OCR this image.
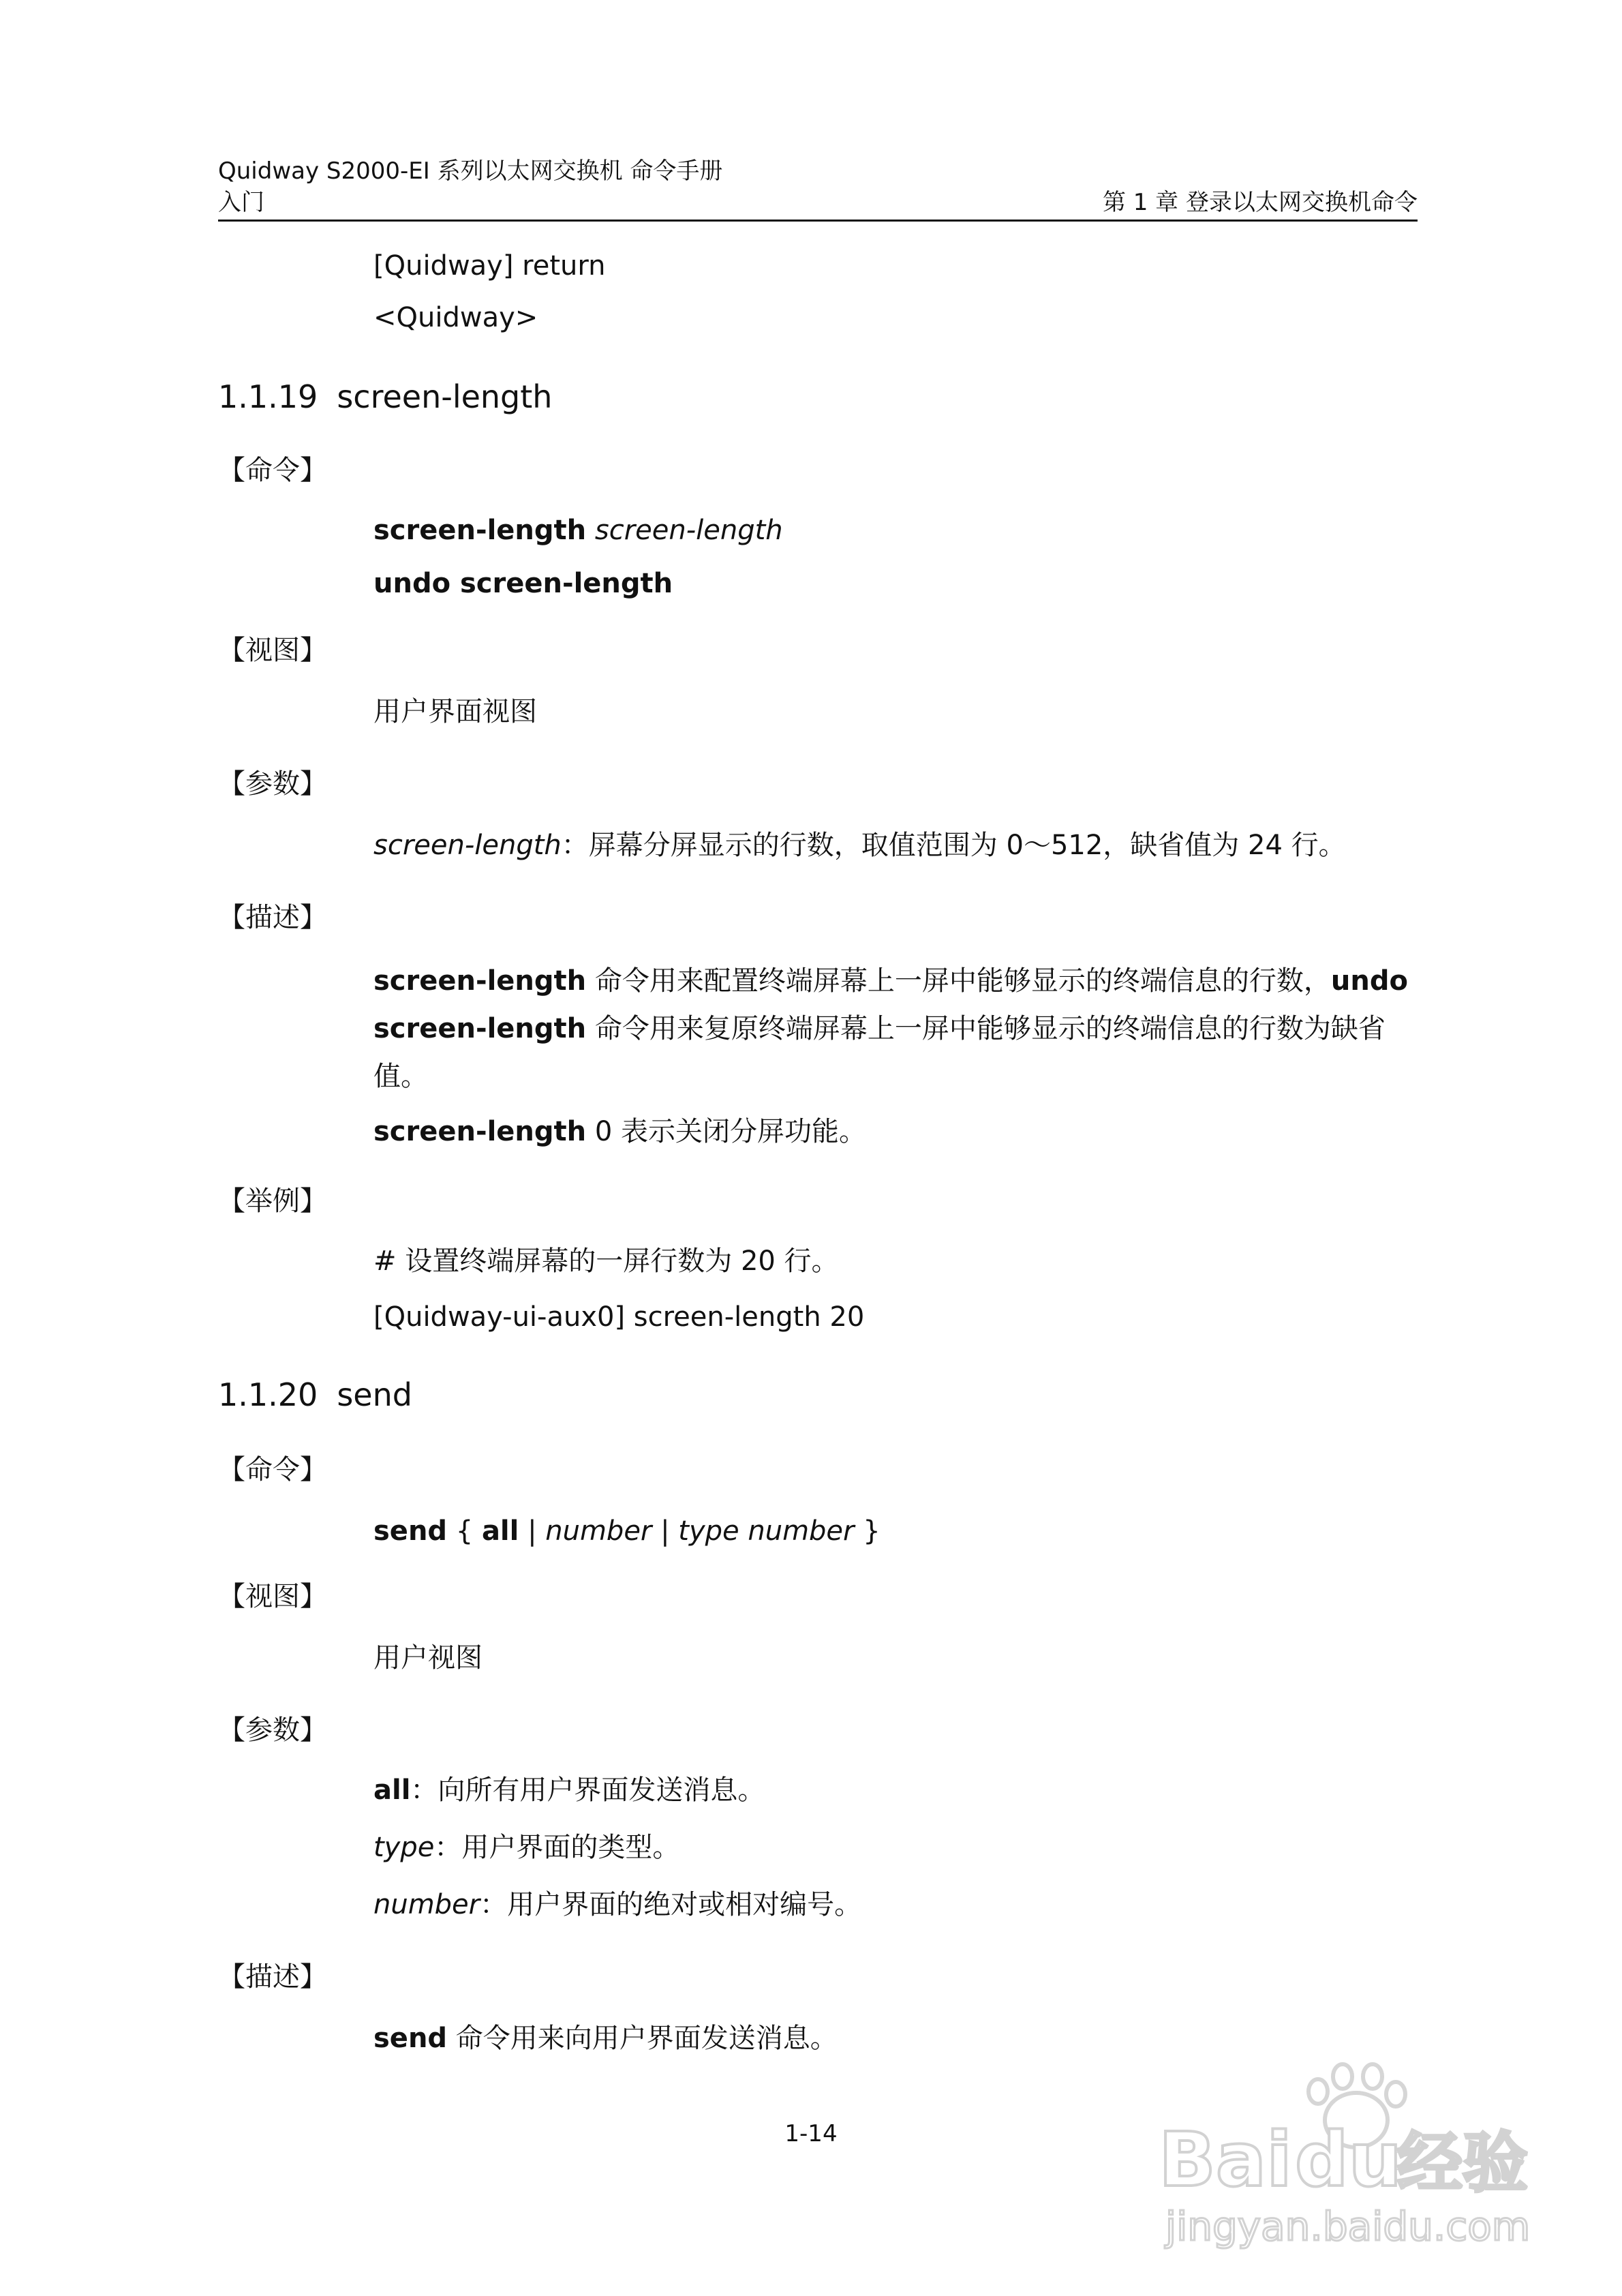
Quidway S2000-EI 系列以太网交换机 命令手册
入门	第 1 章 登录以太网交换机命令
[Quidway] return
<Quidway>
1.1.19 screen-length
【命令】
screen-length screen-length
undo screen-length
【视图】
用户界面视图
【参数】
screen-length：屏幕分屏显示的行数，取值范围为 0～512，缺省值为 24 行。
【描述】
screen-length 命令用来配置终端屏幕上一屏中能够显示的终端信息的行数，undo screen-length 命令用来复原终端屏幕上一屏中能够显示的终端信息的行数为缺省值。
screen-length 0 表示关闭分屏功能。
【举例】
# 设置终端屏幕的一屏行数为 20 行。
[Quidway-ui-aux0] screen-length 20
1.1.20 send
【命令】
send { all | number | type number }
【视图】
用户视图
【参数】
all：向所有用户界面发送消息。
type：用户界面的类型。
number：用户界面的绝对或相对编号。
【描述】
send 命令用来向用户界面发送消息。
1-14	Bai du
经验
jingyan.baidu.com
